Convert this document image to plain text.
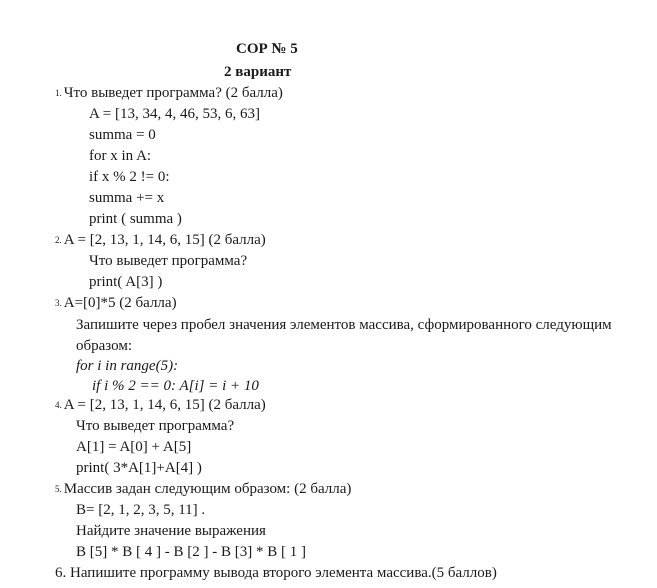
СОР № 5
2 вариант
1. Что выведет программа? (2 балла)
A = [13, 34, 4, 46, 53, 6, 63]
summa = 0
for x in A:
if x % 2 != 0:
summa += x
print ( summa )
2. A = [2, 13, 1, 14, 6, 15] (2 балла)
Что выведет программа?
print( A[3] )
3. A=[0]*5 (2 балла)
Запишите через пробел значения элементов массива, сформированного следующим образом:
for i in range(5):
if i % 2 == 0: A[i] = i + 10
4. A = [2, 13, 1, 14, 6, 15] (2 балла)
Что выведет программа?
A[1] = A[0] + A[5]
print( 3*A[1]+A[4] )
5. Массив задан следующим образом: (2 балла)
B= [2, 1, 2, 3, 5, 11] .
Найдите значение выражения
B [5] * B [ 4 ] - B [2 ] - B [3] * B [ 1 ]
6. Напишите программу вывода второго элемента массива.(5 баллов)
